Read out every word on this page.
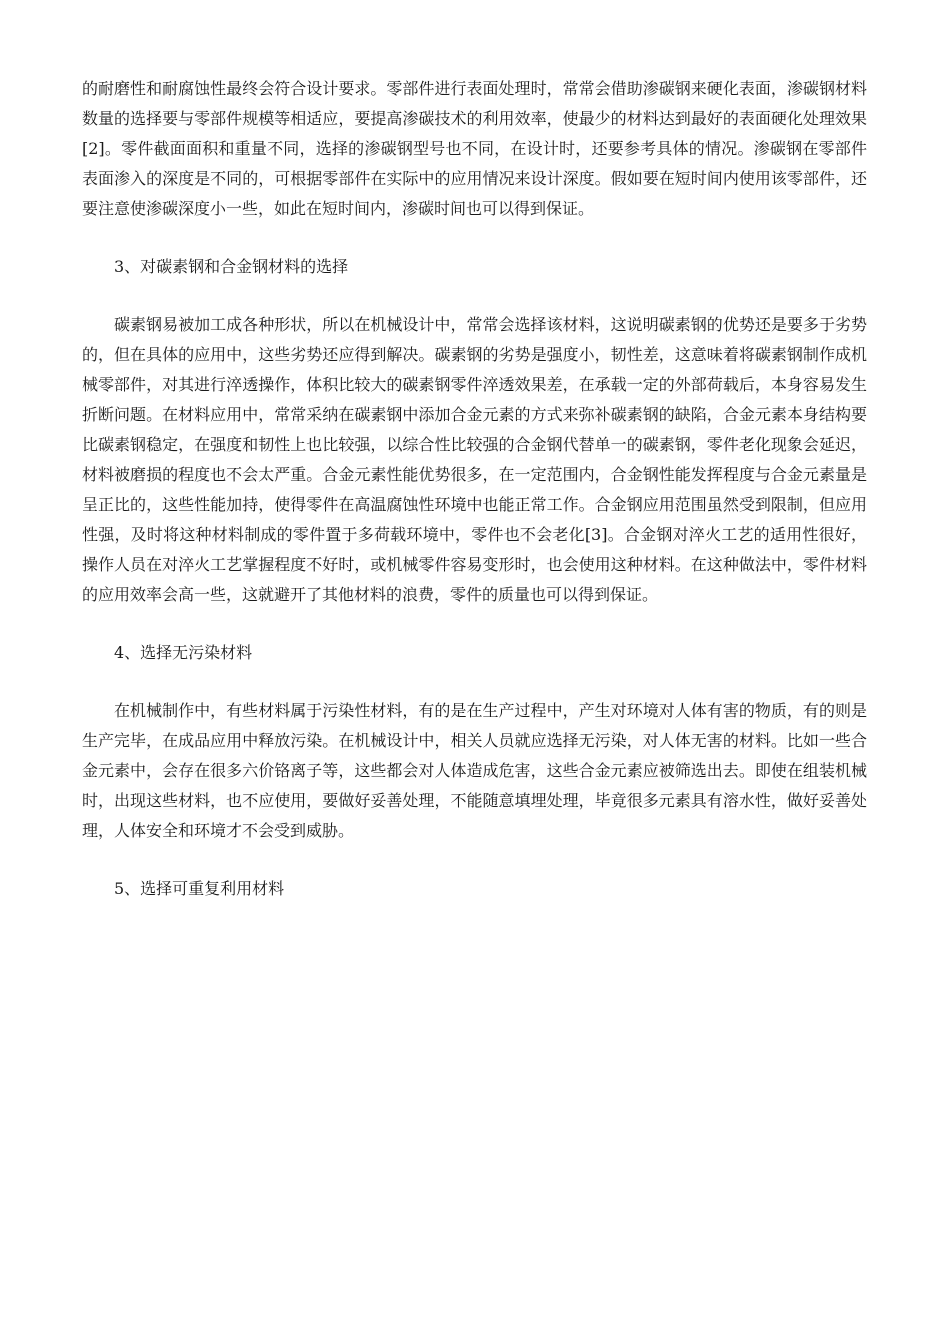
的耐磨性和耐腐蚀性最终会符合设计要求。零部件进行表面处理时，常常会借助渗碳钢来硬化表面，渗碳钢材料数量的选择要与零部件规模等相适应，要提高渗碳技术的利用效率，使最少的材料达到最好的表面硬化处理效果[2]。零件截面面积和重量不同，选择的渗碳钢型号也不同，在设计时，还要参考具体的情况。渗碳钢在零部件表面渗入的深度是不同的，可根据零部件在实际中的应用情况来设计深度。假如要在短时间内使用该零部件，还要注意使渗碳深度小一些，如此在短时间内，渗碳时间也可以得到保证。

3、对碳素钢和合金钢材料的选择

碳素钢易被加工成各种形状，所以在机械设计中，常常会选择该材料，这说明碳素钢的优势还是要多于劣势的，但在具体的应用中，这些劣势还应得到解决。碳素钢的劣势是强度小，韧性差，这意味着将碳素钢制作成机械零部件，对其进行淬透操作，体积比较大的碳素钢零件淬透效果差，在承载一定的外部荷载后，本身容易发生折断问题。在材料应用中，常常采纳在碳素钢中添加合金元素的方式来弥补碳素钢的缺陷，合金元素本身结构要比碳素钢稳定，在强度和韧性上也比较强，以综合性比较强的合金钢代替单一的碳素钢，零件老化现象会延迟，材料被磨损的程度也不会太严重。合金元素性能优势很多，在一定范围内，合金钢性能发挥程度与合金元素量是呈正比的，这些性能加持，使得零件在高温腐蚀性环境中也能正常工作。合金钢应用范围虽然受到限制，但应用性强，及时将这种材料制成的零件置于多荷载环境中，零件也不会老化[3]。合金钢对淬火工艺的适用性很好，操作人员在对淬火工艺掌握程度不好时，或机械零件容易变形时，也会使用这种材料。在这种做法中，零件材料的应用效率会高一些，这就避开了其他材料的浪费，零件的质量也可以得到保证。

4、选择无污染材料

在机械制作中，有些材料属于污染性材料，有的是在生产过程中，产生对环境对人体有害的物质，有的则是生产完毕，在成品应用中释放污染。在机械设计中，相关人员就应选择无污染，对人体无害的材料。比如一些合金元素中，会存在很多六价铬离子等，这些都会对人体造成危害，这些合金元素应被筛选出去。即使在组装机械时，出现这些材料，也不应使用，要做好妥善处理，不能随意填埋处理，毕竟很多元素具有溶水性，做好妥善处理，人体安全和环境才不会受到威胁。

5、选择可重复利用材料
